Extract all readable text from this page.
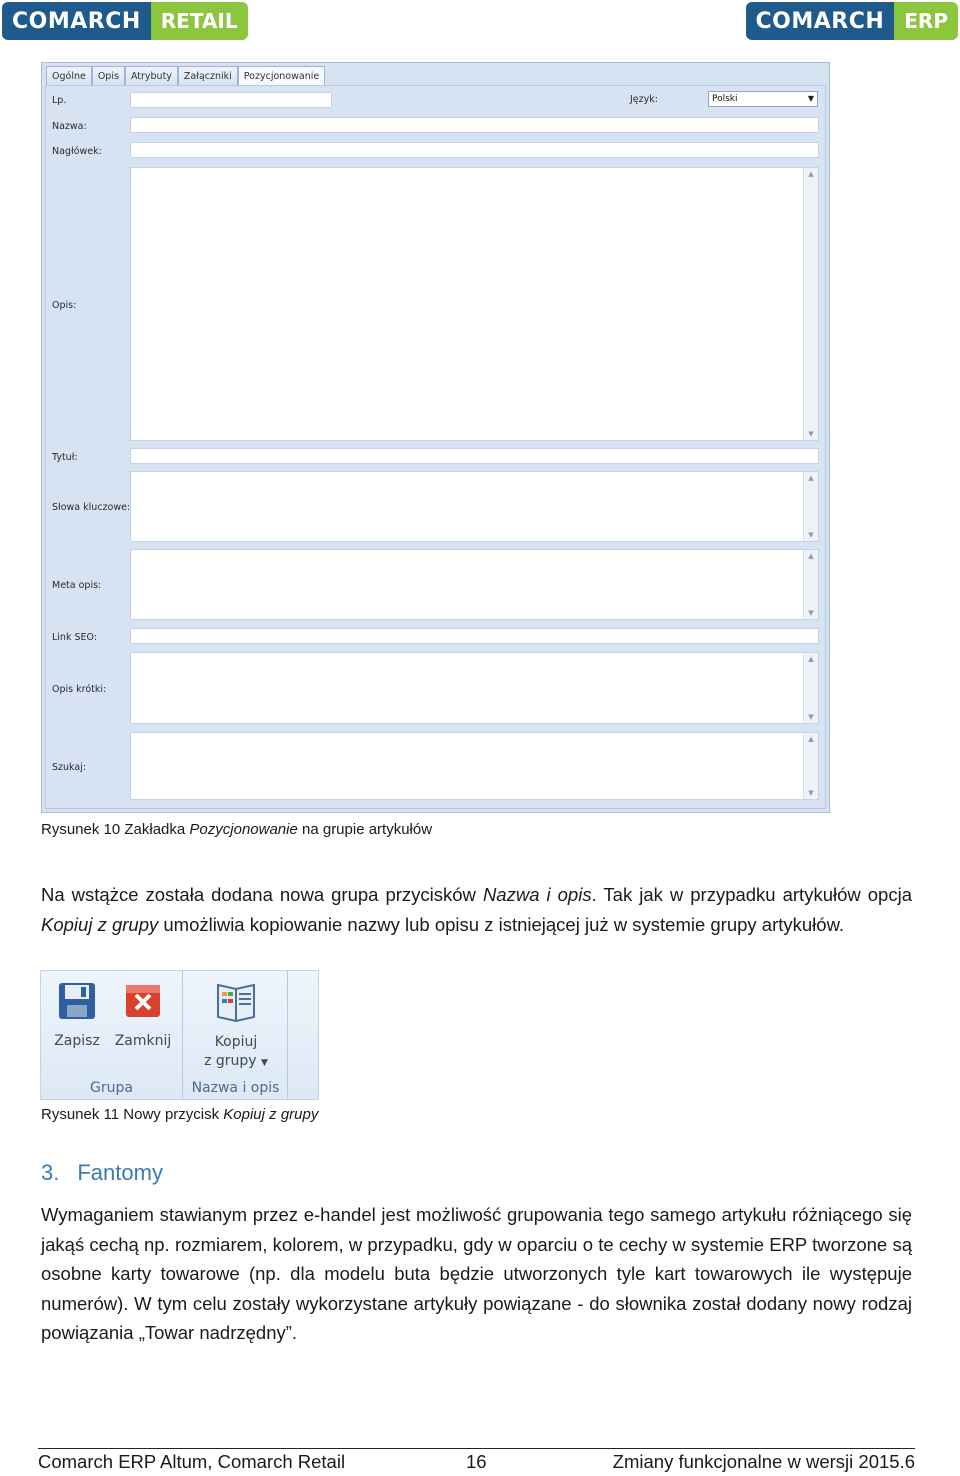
COMARCH	RETAIL	COMARCH	ERP
Ogólne	Opis	Atrybuty	Załączniki	Pozycjonowanie
Lp.	Język:	Polski	▼
Nazwa:
Nagłówek:
Opis:
▲
▼
Tytuł:
Słowa kluczowe:
▲
▼
Meta opis:
▲
▼
Link SEO:
Opis krótki:
▲
▼
Szukaj:
▲
▼
Rysunek 10 Zakładka Pozycjonowanie na grupie artykułów
Na wstążce została dodana nowa grupa przycisków Nazwa i opis. Tak jak w przypadku artykułów opcja Kopiuj z grupy umożliwia kopiowanie nazwy lub opisu z istniejącej już w systemie grupy artykułów.
Zapisz Zamknij
Grupa
Kopiuj
z grupy ▼
Nazwa i opis
Rysunek 11 Nowy przycisk Kopiuj z grupy
3. Fantomy
Wymaganiem stawianym przez e-handel jest możliwość grupowania tego samego artykułu różniącego się jakąś cechą np. rozmiarem, kolorem, w przypadku, gdy w oparciu o te cechy w systemie ERP tworzone są osobne karty towarowe (np. dla modelu buta będzie utworzonych tyle kart towarowych ile występuje numerów). W tym celu zostały wykorzystane artykuły powiązane - do słownika został dodany nowy rodzaj powiązania „Towar nadrzędny”.
Comarch ERP Altum, Comarch Retail	16	Zmiany funkcjonalne w wersji 2015.6
